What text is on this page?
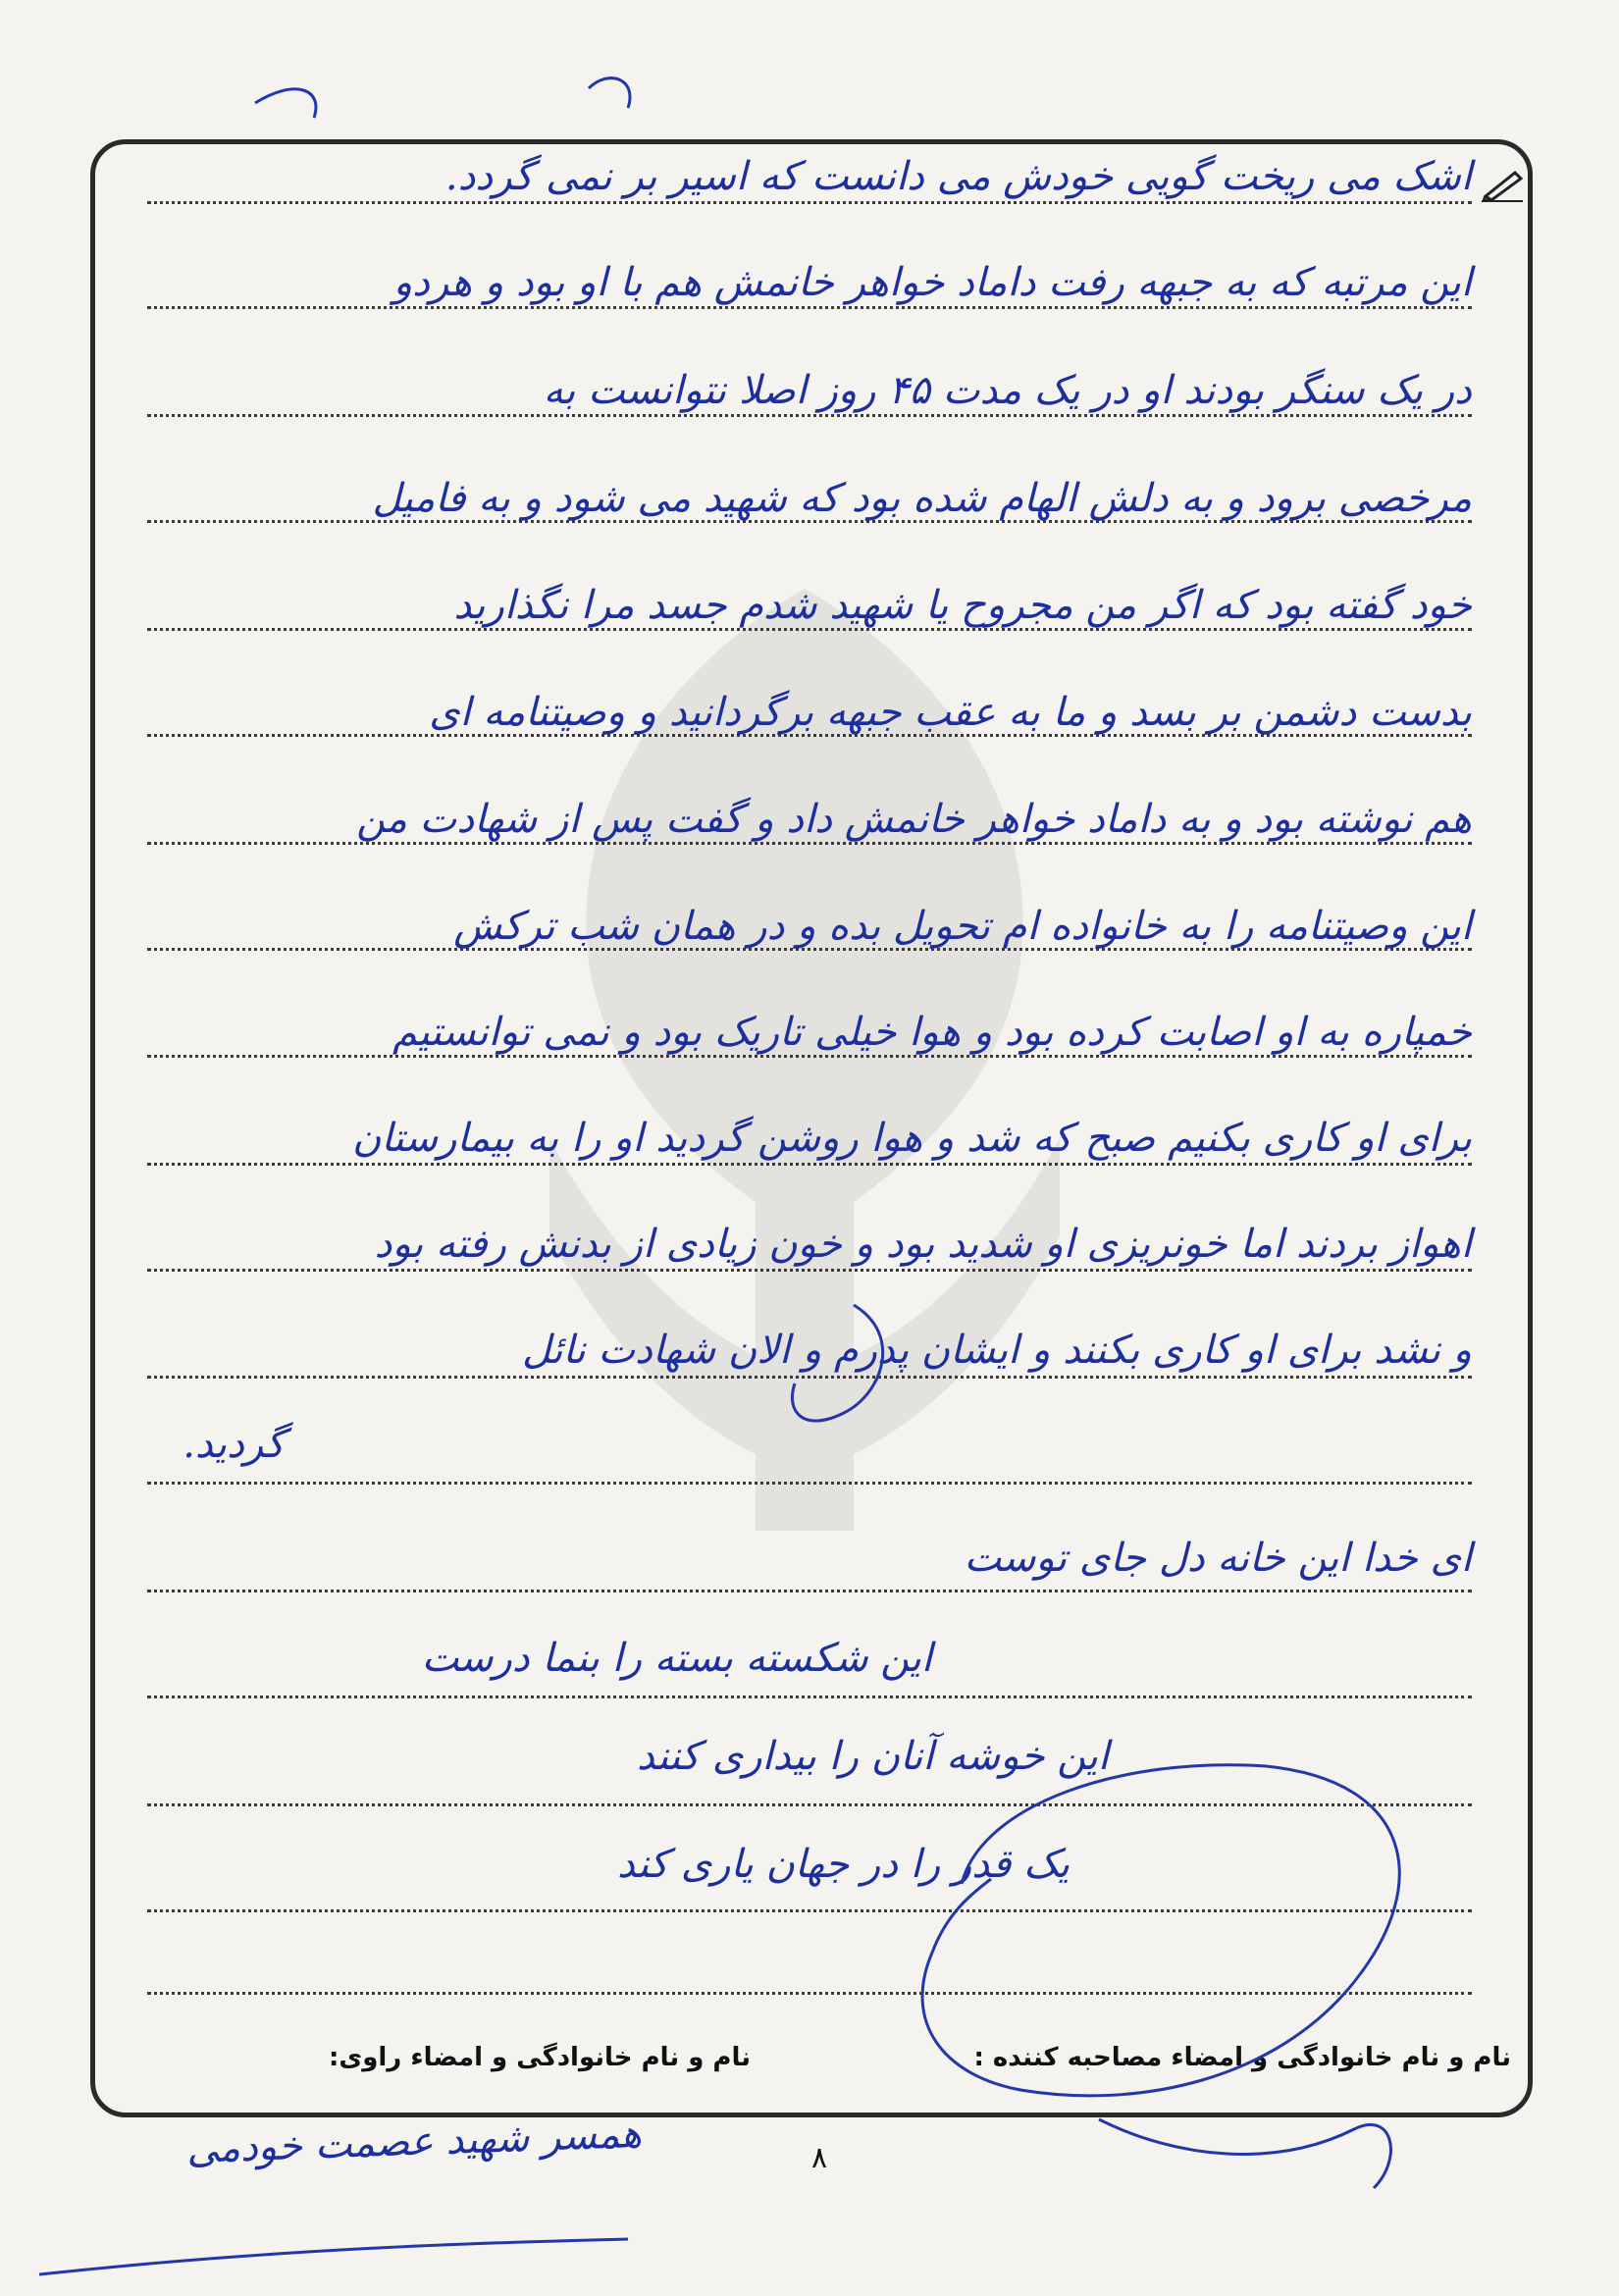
اشک می ریخت گویی خودش می دانست که اسیر بر نمی گردد.
این مرتبه که به جبهه رفت داماد خواهر خانمش هم با او بود و هردو
در یک سنگر بودند او در یک مدت ۴۵ روز اصلا نتوانست به
مرخصی برود و به دلش الهام شده بود که شهید می شود و به فامیل
خود گفته بود که اگر من مجروح یا شهید شدم جسد مرا نگذارید
بدست دشمن بر بسد و ما به عقب جبهه برگردانید و وصیتنامه ای
هم نوشته بود و به داماد خواهر خانمش داد و گفت پس از شهادت من
این وصیتنامه را به خانواده ام تحویل بده و در همان شب ترکش
خمپاره به او اصابت کرده بود و هوا خیلی تاریک بود و نمی توانستیم
برای او کاری بکنیم صبح که شد و هوا روشن گردید او را به بیمارستان
اهواز بردند اما خونریزی او شدید بود و خون زیادی از بدنش رفته بود
و نشد برای او کاری بکنند و ایشان پدرم و الان شهادت نائل
گردید.
ای خدا این خانه دل جای توست
این شکسته بسته را بنما درست
این خوشه آنان را بیداری کنند
یک قدر را در جهان یاری کند
نام و نام خانوادگی و امضاء مصاحبه کننده :
نام و نام خانوادگی و امضاء راوی:
همسر شهید عصمت خودمی	٨
